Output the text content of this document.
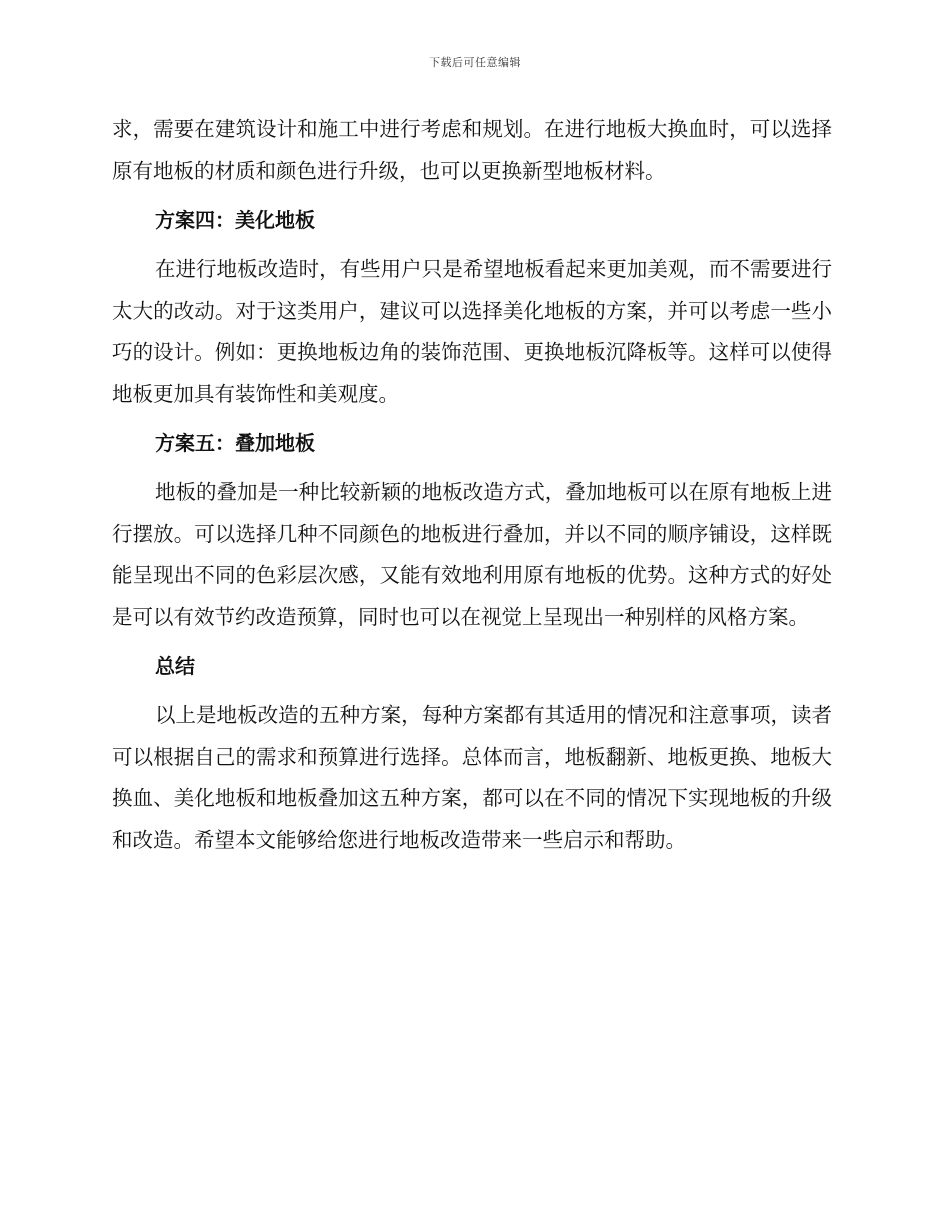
下载后可任意编辑

求，需要在建筑设计和施工中进行考虑和规划。在进行地板大换血时，可以选择原有地板的材质和颜色进行升级，也可以更换新型地板材料。

方案四：美化地板

在进行地板改造时，有些用户只是希望地板看起来更加美观，而不需要进行太大的改动。对于这类用户，建议可以选择美化地板的方案，并可以考虑一些小巧的设计。例如：更换地板边角的装饰范围、更换地板沉降板等。这样可以使得地板更加具有装饰性和美观度。

方案五：叠加地板

地板的叠加是一种比较新颖的地板改造方式，叠加地板可以在原有地板上进行摆放。可以选择几种不同颜色的地板进行叠加，并以不同的顺序铺设，这样既能呈现出不同的色彩层次感，又能有效地利用原有地板的优势。这种方式的好处是可以有效节约改造预算，同时也可以在视觉上呈现出一种别样的风格方案。

总结

以上是地板改造的五种方案，每种方案都有其适用的情况和注意事项，读者可以根据自己的需求和预算进行选择。总体而言，地板翻新、地板更换、地板大换血、美化地板和地板叠加这五种方案，都可以在不同的情况下实现地板的升级和改造。希望本文能够给您进行地板改造带来一些启示和帮助。
